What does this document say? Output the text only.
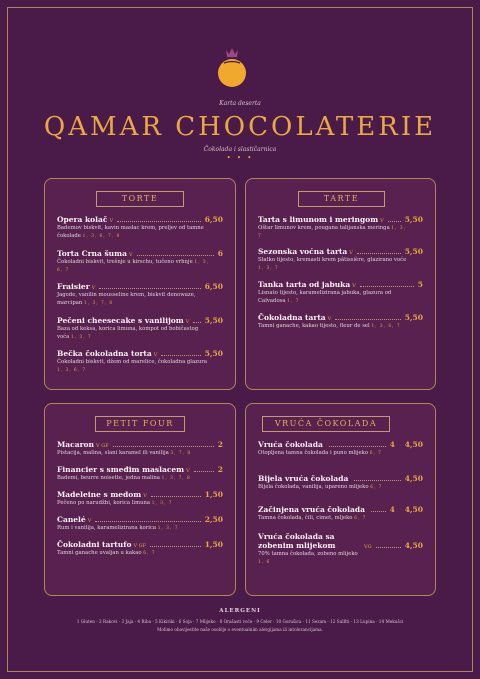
Karta deserta
QAMAR CHOCOLATERIE
Čokolada i slastičarnica
• • •
TORTE
Opera kolač V	6,50
Bademov biskvit, kavin maslac krem, preljev od tamne čokolade 1, 3, 6, 7, 8
Torta Crna šuma V	6
Čokoladni biskvit, trešnje u kirschu, tučeno vrhnje 1, 3, 6, 7
Fraisier V	6,50
Jagode, vanilin mousseline krem, biskvit denowaze, marcipan 1, 3, 7, 8
Pečeni cheesecake s vanilijom V 5,50
Baza od keksa, korica limuna, kompot od bobičastog voća 1, 3, 7
Bečka čokoladna torta V	5,50
Čokoladni biskvit, džem od marelice, čokoladna glazura 1, 3, 6, 7
TARTE
Tarta s limunom i meringom V	5,50
Oštar limunov krem, pougana talijanska meringa 1, 3, 7
Sezonska voćna tarta V	5,50
Slatko tijesto, kremasti krem pâtissière, glazirano voće 1, 3, 7
Tanka tarta od jabuka V	5
Lisnato tijesto, karamelizirana jabuka, glazura od Calvadosa 1, 7
Čokoladna tarta V	5,50
Tamni ganache, kakao tijesto, fleur de sel 1, 3, 6, 7
PETIT FOUR
Macaron V GF	2
Pistacija, malina, slani karamel ili vanilija 3, 7, 8
Financier s smeđim maslacem V	2
Bademi, beurre noisette, jedna malina 1, 3, 7, 8
Madeleine s medom V	1,50
Pečeno po narudžbi, korica limuna 1, 3, 7
Canelé V	2,50
Rum i vanilija, karamelizirana korica 1, 3, 7
Čokoladni tartufo V GF	1,50
Tamni ganache uvaljan u kakao 6, 7
VRUĆA ČOKOLADA
Vruća čokolada	4 4,50
Otopljena tamna čokolada i puno mlijeko 6, 7
Bijela vruća čokolada	4,50
Bijela čokolada, vanilija, upareno mlijeko 6, 7
Začinjena vruća čokolada	4 4,50
Tamna čokolada, čili, cimet, mljeko 6, 7
Vruća čokolada sa zobenim mlijekom	VG	4,50
70% tamna čokolada, zobeno mlijeko
1, 6
ALERGENI
1 Gluten · 2 Rakovi · 3 Jaja · 4 Riba · 5 Kikiriki · 6 Soja · 7 Mlijeko · 8 Orašasti voće · 9 Celer · 10 Gorušica · 11 Sezam · 12 Sulfiti · 13 Lupina · 14 Mekušci
Molimo obavijestite naše osoblje o eventualnim alergijama ili intolerancijama.
